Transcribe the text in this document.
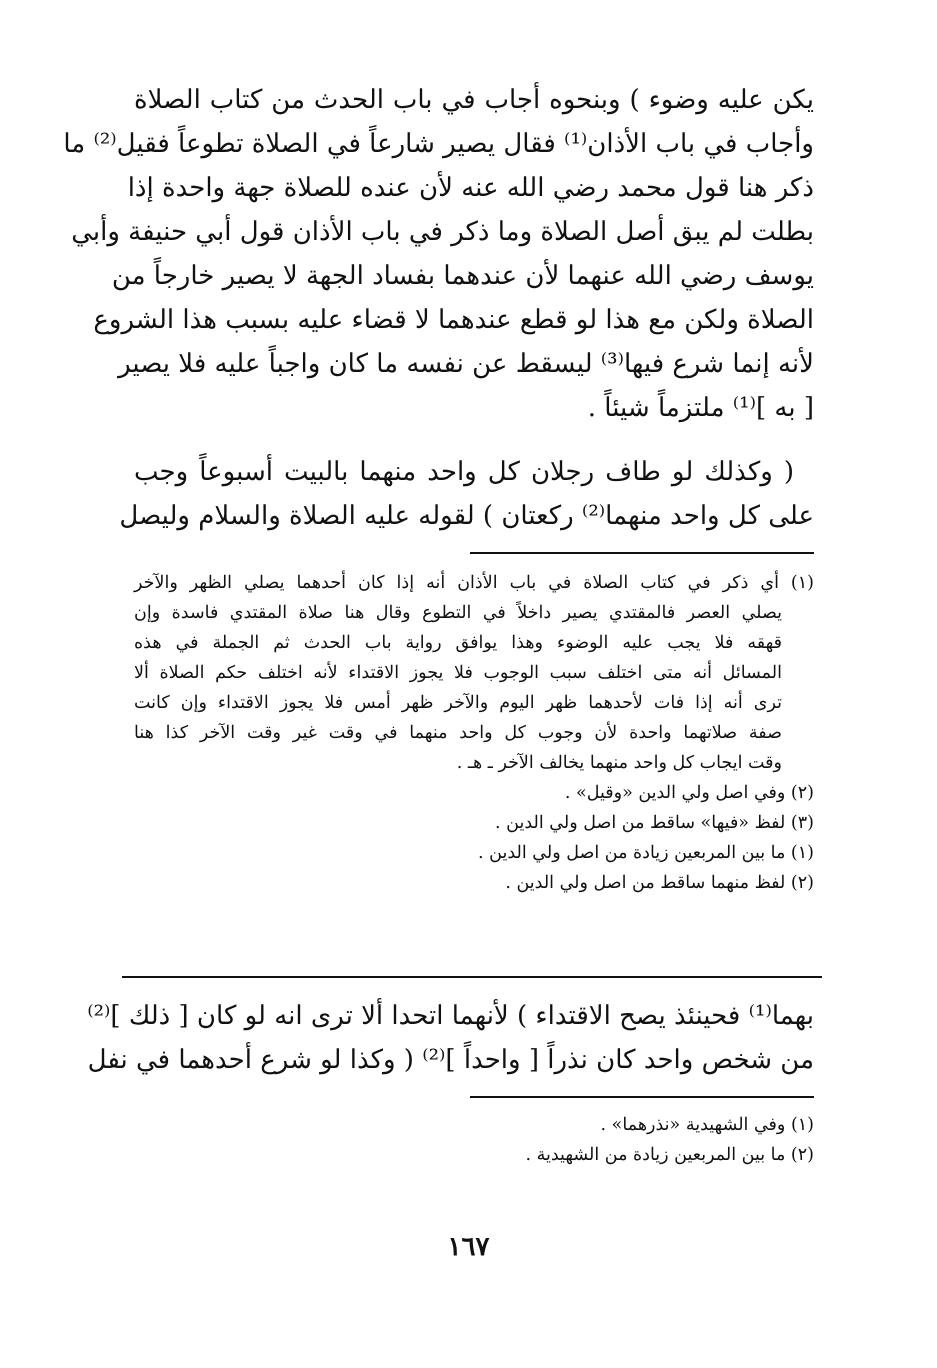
يكن عليه وضوء ) وبنحوه أجاب في باب الحدث من كتاب الصلاة
وأجاب في باب الأذان⁽¹⁾ فقال يصير شارعاً في الصلاة تطوعاً فقيل⁽²⁾ ما
ذكر هنا قول محمد رضي الله عنه لأن عنده للصلاة جهة واحدة إذا
بطلت لم يبق أصل الصلاة وما ذكر في باب الأذان قول أبي حنيفة وأبي
يوسف رضي الله عنهما لأن عندهما بفساد الجهة لا يصير خارجاً من
الصلاة ولكن مع هذا لو قطع عندهما لا قضاء عليه بسبب هذا الشروع
لأنه إنما شرع فيها⁽³⁾ ليسقط عن نفسه ما كان واجباً عليه فلا يصير
[ به ]⁽¹⁾ ملتزماً شيئاً .
( وكذلك لو طاف رجلان كل واحد منهما بالبيت أسبوعاً وجب
على كل واحد منهما⁽²⁾ ركعتان ) لقوله عليه الصلاة والسلام وليصل
(١) أي ذكر في كتاب الصلاة في باب الأذان أنه إذا كان أحدهما يصلي الظهر والآخر
يصلي العصر فالمقتدي يصير داخلاً في التطوع وقال هنا صلاة المقتدي فاسدة وإن
قهقه فلا يجب عليه الوضوء وهذا يوافق رواية باب الحدث ثم الجملة في هذه
المسائل أنه متى اختلف سبب الوجوب فلا يجوز الاقتداء لأنه اختلف حكم الصلاة ألا
ترى أنه إذا فات لأحدهما ظهر اليوم والآخر ظهر أمس فلا يجوز الاقتداء وإن كانت
صفة صلاتهما واحدة لأن وجوب كل واحد منهما في وقت غير وقت الآخر كذا هنا
وقت ايجاب كل واحد منهما يخالف الآخر ـ هـ .
(٢) وفي اصل ولي الدين «وقيل» .
(٣) لفظ «فيها» ساقط من اصل ولي الدين .
(١) ما بين المربعين زيادة من اصل ولي الدين .
(٢) لفظ منهما ساقط من اصل ولي الدين .
بهما⁽¹⁾ فحينئذ يصح الاقتداء ) لأنهما اتحدا ألا ترى انه لو كان [ ذلك ]⁽²⁾
من شخص واحد كان نذراً [ واحداً ]⁽²⁾ ( وكذا لو شرع أحدهما في نفل
(١) وفي الشهيدية «نذرهما» .
(٢) ما بين المربعين زيادة من الشهيدية .
١٦٧
